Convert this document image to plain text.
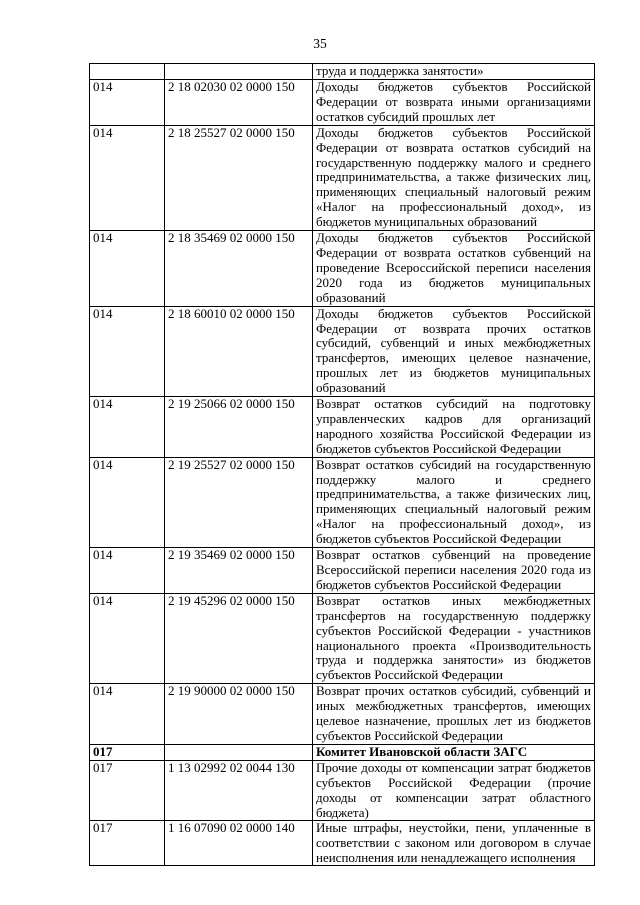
35
		труда и поддержка занятости»
014	2 18 02030 02 0000 150	Доходы бюджетов субъектов Российской Федерации от возврата иными организациями остатков субсидий прошлых лет
014	2 18 25527 02 0000 150	Доходы бюджетов субъектов Российской Федерации от возврата остатков субсидий на государственную поддержку малого и среднего предпринимательства, а также физических лиц, применяющих специальный налоговый режим «Налог на профессиональный доход», из бюджетов муниципальных образований
014	2 18 35469 02 0000 150	Доходы бюджетов субъектов Российской Федерации от возврата остатков субвенций на проведение Всероссийской переписи населения 2020 года из бюджетов муниципальных образований
014	2 18 60010 02 0000 150	Доходы бюджетов субъектов Российской Федерации от возврата прочих остатков субсидий, субвенций и иных межбюджетных трансфертов, имеющих целевое назначение, прошлых лет из бюджетов муниципальных образований
014	2 19 25066 02 0000 150	Возврат остатков субсидий на подготовку управленческих кадров для организаций народного хозяйства Российской Федерации из бюджетов субъектов Российской Федерации
014	2 19 25527 02 0000 150	Возврат остатков субсидий на государственную поддержку малого и среднего предпринимательства, а также физических лиц, применяющих специальный налоговый режим «Налог на профессиональный доход», из бюджетов субъектов Российской Федерации
014	2 19 35469 02 0000 150	Возврат остатков субвенций на проведение Всероссийской переписи населения 2020 года из бюджетов субъектов Российской Федерации
014	2 19 45296 02 0000 150	Возврат остатков иных межбюджетных трансфертов на государственную поддержку субъектов Российской Федерации - участников национального проекта «Производительность труда и поддержка занятости» из бюджетов субъектов Российской Федерации
014	2 19 90000 02 0000 150	Возврат прочих остатков субсидий, субвенций и иных межбюджетных трансфертов, имеющих целевое назначение, прошлых лет из бюджетов субъектов Российской Федерации
017		Комитет Ивановской области ЗАГС
017	1 13 02992 02 0044 130	Прочие доходы от компенсации затрат бюджетов субъектов Российской Федерации (прочие доходы от компенсации затрат областного бюджета)
017	1 16 07090 02 0000 140	Иные штрафы, неустойки, пени, уплаченные в соответствии с законом или договором в случае неисполнения или ненадлежащего исполнения
